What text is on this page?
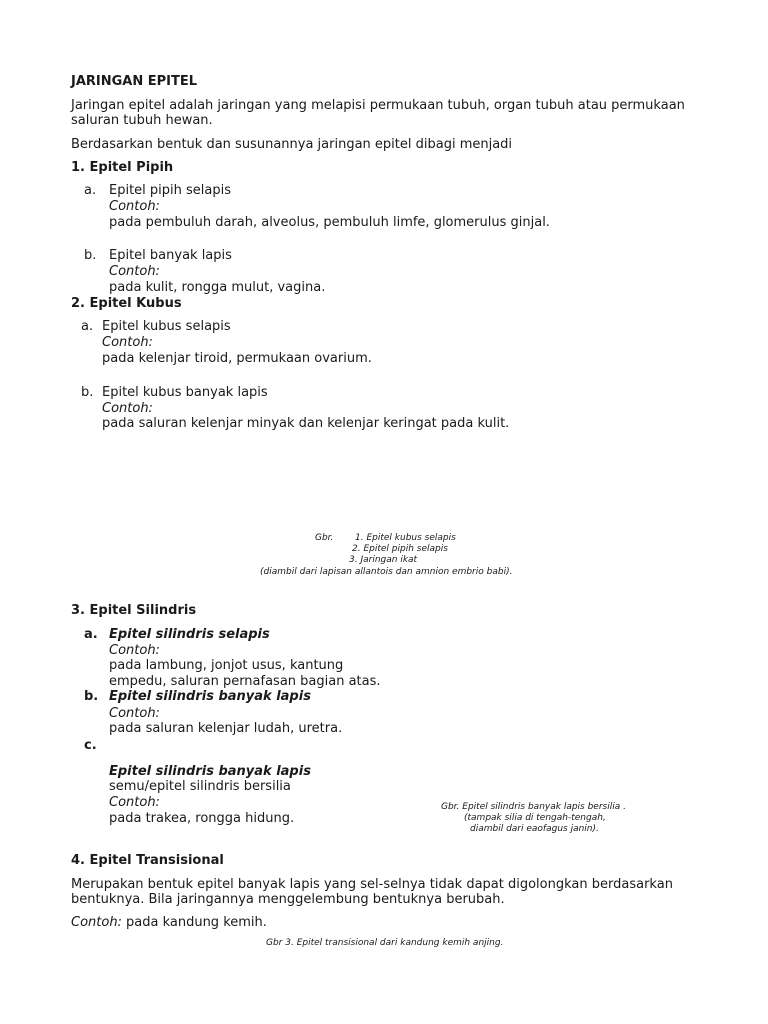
JARINGAN EPITEL
Jaringan epitel adalah jaringan yang melapisi permukaan tubuh, organ tubuh atau permukaan
saluran tubuh hewan.
Berdasarkan bentuk dan susunannya jaringan epitel dibagi menjadi
1. Epitel Pipih
a. Epitel pipih selapis
Contoh:
pada pembuluh darah, alveolus, pembuluh limfe, glomerulus ginjal.
b. Epitel banyak lapis
Contoh:
pada kulit, rongga mulut, vagina.
2. Epitel Kubus
a. Epitel kubus selapis
Contoh:
pada kelenjar tiroid, permukaan ovarium.
b. Epitel kubus banyak lapis
Contoh:
pada saluran kelenjar minyak dan kelenjar keringat pada kulit.
Gbr. 1. Epitel kubus selapis
2. Epitel pipih selapis
3. Jaringan ikat
(diambil dari lapisan allantois dan amnion embrio babi).
3. Epitel Silindris
a. Epitel silindris selapis
Contoh:
pada lambung, jonjot usus, kantung
empedu, saluran pernafasan bagian atas.
b. Epitel silindris banyak lapis
Contoh:
pada saluran kelenjar ludah, uretra.
c.
Epitel silindris banyak lapis
semu/epitel silindris bersilia
Contoh:
pada trakea, rongga hidung.
Gbr. Epitel silindris banyak lapis bersilia .
(tampak silia di tengah-tengah,
diambil dari eaofagus janin).
4. Epitel Transisional
Merupakan bentuk epitel banyak lapis yang sel-selnya tidak dapat digolongkan berdasarkan
bentuknya. Bila jaringannya menggelembung bentuknya berubah.
Contoh: pada kandung kemih.
Gbr 3. Epitel transisional dari kandung kemih anjing.
